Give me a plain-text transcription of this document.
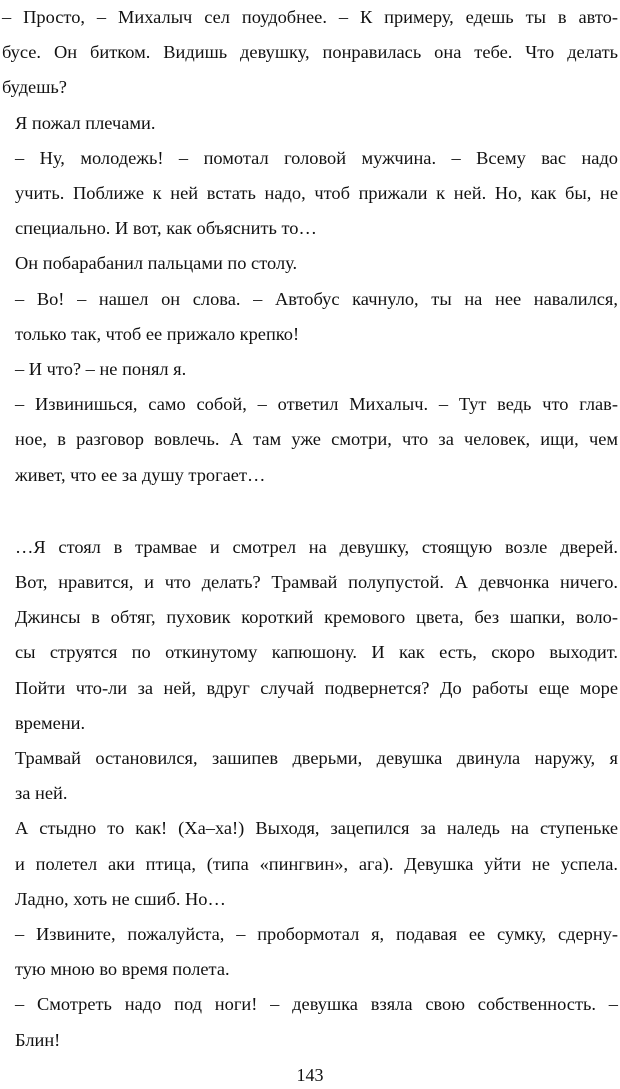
– Просто, – Михалыч сел поудобнее. – К примеру, едешь ты в авто-
бусе. Он битком. Видишь девушку, понравилась она тебе. Что делать
будешь?

Я пожал плечами.

– Ну, молодежь! – помотал головой мужчина. – Всему вас надо
учить. Поближе к ней встать надо, чтоб прижали к ней. Но, как бы, не
специально. И вот, как объяснить то…

Он побарабанил пальцами по столу.

– Во! – нашел он слова. – Автобус качнуло, ты на нее навалился,
только так, чтоб ее прижало крепко!

– И что? – не понял я.

– Извинишься, само собой, – ответил Михалыч. – Тут ведь что глав-
ное, в разговор вовлечь. А там уже смотри, что за человек, ищи, чем
живет, что ее за душу трогает…

…Я стоял в трамвае и смотрел на девушку, стоящую возле дверей.
Вот, нравится, и что делать? Трамвай полупустой. А девчонка ничего.
Джинсы в обтяг, пуховик короткий кремового цвета, без шапки, воло-
сы струятся по откинутому капюшону. И как есть, скоро выходит.
Пойти что-ли за ней, вдруг случай подвернется? До работы еще море
времени.

Трамвай остановился, зашипев дверьми, девушка двинула наружу, я
за ней.

А стыдно то как! (Ха–ха!) Выходя, зацепился за наледь на ступеньке
и полетел аки птица, (типа «пингвин», ага). Девушка уйти не успела.
Ладно, хоть не сшиб. Но…

– Извините, пожалуйста, – пробормотал я, подавая ее сумку, сдерну-
тую мною во время полета.

– Смотреть надо под ноги! – девушка взяла свою собственность. –
Блин!

143
